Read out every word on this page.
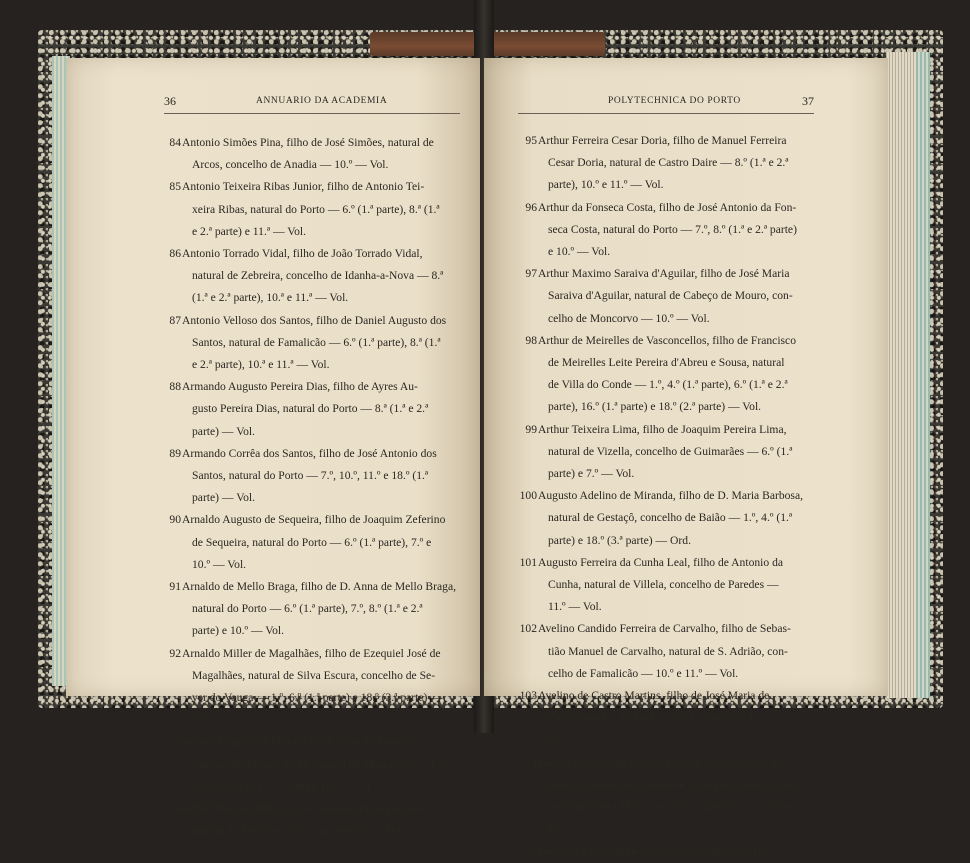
36	ANNUARIO DA ACADEMIA
84 Antonio Simões Pina, filho de José Simões, natural de
Arcos, concelho de Anadia — 10.º — Vol.
85 Antonio Teixeira Ribas Junior, filho de Antonio Tei-
xeira Ribas, natural do Porto — 6.º (1.ª parte), 8.ª (1.ª
e 2.ª parte) e 11.ª — Vol.
86 Antonio Torrado Vidal, filho de João Torrado Vidal,
natural de Zebreira, concelho de Idanha-a-Nova — 8.ª
(1.ª e 2.ª parte), 10.ª e 11.ª — Vol.
87 Antonio Velloso dos Santos, filho de Daniel Augusto dos
Santos, natural de Famalicão — 6.º (1.ª parte), 8.ª (1.ª
e 2.ª parte), 10.ª e 11.ª — Vol.
88 Armando Augusto Pereira Dias, filho de Ayres Au-
gusto Pereira Dias, natural do Porto — 8.ª (1.ª e 2.ª
parte) — Vol.
89 Armando Corrêa dos Santos, filho de José Antonio dos
Santos, natural do Porto — 7.º, 10.º, 11.º e 18.º (1.ª
parte) — Vol.
90 Arnaldo Augusto de Sequeira, filho de Joaquim Zeferino
de Sequeira, natural do Porto — 6.º (1.ª parte), 7.º e
10.º — Vol.
91 Arnaldo de Mello Braga, filho de D. Anna de Mello Braga,
natural do Porto — 6.º (1.ª parte), 7.º, 8.º (1.ª e 2.ª
parte) e 10.º — Vol.
92 Arnaldo Miller de Magalhães, filho de Ezequiel José de
Magalhães, natural de Silva Escura, concelho de Se-
ver do Vouga — 1.º, 6.º (1.ª parte) e 18.º (3.ª parte) —
Ord.
93 Arthur Augusto de Moraes Leite, filho de Francisco
Antonio de Moraes Leite, natural de Murça — 6.º (1.ª
parte), 8.º (1.ª e 2.ª parte) e 11.º — Vol.
94 Arthur Barrote, filho de João Antonio Pinto Barrote,
natural do Porto — 6.º (1.ª parte) e 7.º — Vol.
POLYTECHNICA DO PORTO	37
95 Arthur Ferreira Cesar Doria, filho de Manuel Ferreira
Cesar Doria, natural de Castro Daire — 8.º (1.ª e 2.ª
parte), 10.º e 11.º — Vol.
96 Arthur da Fonseca Costa, filho de José Antonio da Fon-
seca Costa, natural do Porto — 7.º, 8.º (1.ª e 2.ª parte)
e 10.º — Vol.
97 Arthur Maximo Saraiva d'Aguilar, filho de José Maria
Saraiva d'Aguilar, natural de Cabeço de Mouro, con-
celho de Moncorvo — 10.º — Vol.
98 Arthur de Meirelles de Vasconcellos, filho de Francisco
de Meirelles Leite Pereira d'Abreu e Sousa, natural
de Villa do Conde — 1.º, 4.º (1.ª parte), 6.º (1.ª e 2.ª
parte), 16.º (1.ª parte) e 18.º (2.ª parte) — Vol.
99 Arthur Teixeira Lima, filho de Joaquim Pereira Lima,
natural de Vizella, concelho de Guimarães — 6.º (1.ª
parte) e 7.º — Vol.
100 Augusto Adelino de Miranda, filho de D. Maria Barbosa,
natural de Gestaçô, concelho de Baião — 1.º, 4.º (1.ª
parte) e 18.º (3.ª parte) — Ord.
101 Augusto Ferreira da Cunha Leal, filho de Antonio da
Cunha, natural de Villela, concelho de Paredes —
11.º — Vol.
102 Avelino Candido Ferreira de Carvalho, filho de Sebas-
tião Manuel de Carvalho, natural de S. Adrião, con-
celho de Famalicão — 10.º e 11.º — Vol.
103 Avelino de Castro Martins, filho de José Maria de
Castro, natural do Porto — 6.º (1.ª parte) e 10.º —
Vol.
104 Basilio Candido de Lemos, filho de Joaquim José de
Lemos Guimarães, natural de S. Miguel d'Aves, con-
celho de Santo Thyrso — 6.º (1.ª parte), 7.º e 10.º —
Vol.
105 Bento de Freitas Ribeiro, filho de Joaquim de Frei-
